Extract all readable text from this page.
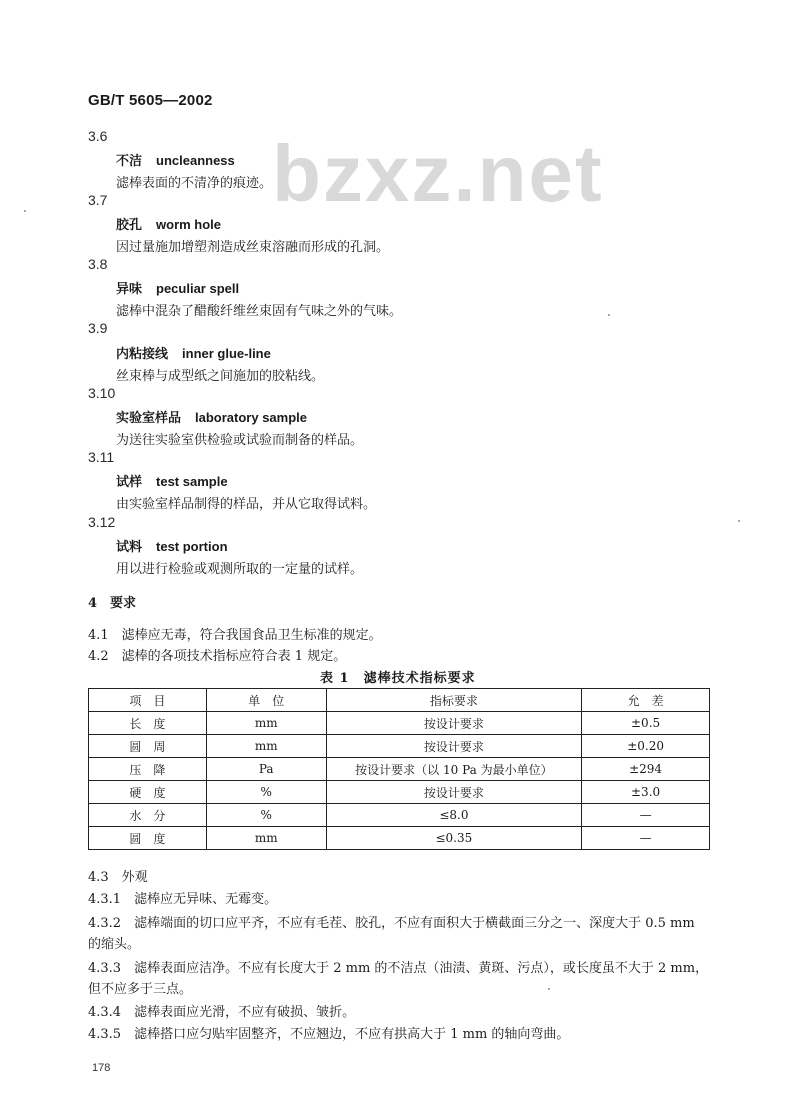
GB/T 5605—2002
bzxz.net
3.6
不洁 uncleanness
滤棒表面的不清净的痕迹。
3.7
胶孔 worm hole
因过量施加增塑剂造成丝束溶融而形成的孔洞。
3.8
异味 peculiar spell
滤棒中混杂了醋酸纤维丝束固有气味之外的气味。
3.9
内粘接线 inner glue-line
丝束棒与成型纸之间施加的胶粘线。
3.10
实验室样品 laboratory sample
为送往实验室供检验或试验而制备的样品。
3.11
试样 test sample
由实验室样品制得的样品，并从它取得试料。
3.12
试料 test portion
用以进行检验或观测所取的一定量的试样。
4　要求
4.1　滤棒应无毒，符合我国食品卫生标准的规定。
4.2　滤棒的各项技术指标应符合表 1 规定。
表 1　滤棒技术指标要求
项　目	单　位	指标要求	允　差
长　度	mm	按设计要求	±0.5
圆　周	mm	按设计要求	±0.20
压　降	Pa	按设计要求（以 10 Pa 为最小单位）	±294
硬　度	%	按设计要求	±3.0
水　分	%	≤8.0	—
圆　度	mm	≤0.35	—
4.3　外观
4.3.1　滤棒应无异味、无霉变。
4.3.2　滤棒端面的切口应平齐，不应有毛茬、胶孔，不应有面积大于横截面三分之一、深度大于 0.5 mm
的缩头。
4.3.3　滤棒表面应洁净。不应有长度大于 2 mm 的不洁点（油渍、黄斑、污点），或长度虽不大于 2 mm，
但不应多于三点。
4.3.4　滤棒表面应光滑，不应有破损、皱折。
4.3.5　滤棒搭口应匀贴牢固整齐，不应翘边，不应有拱高大于 1 mm 的轴向弯曲。
178
